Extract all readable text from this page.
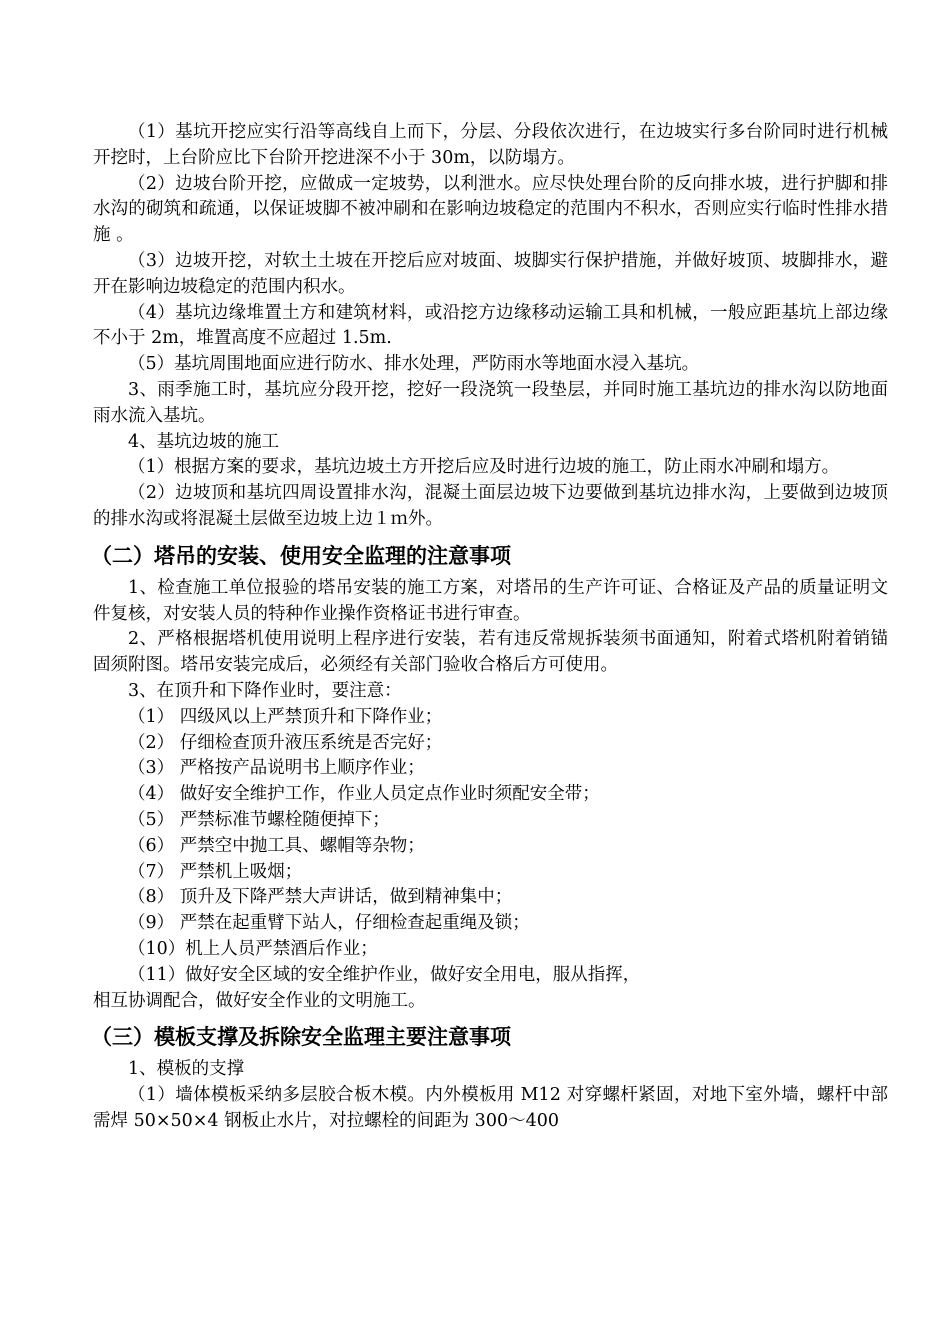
（1）基坑开挖应实行沿等高线自上而下，分层、分段依次进行，在边坡实行多台阶同时进行机械开挖时，上台阶应比下台阶开挖进深不小于 30m，以防塌方。

（2）边坡台阶开挖，应做成一定坡势，以利泄水。应尽快处理台阶的反向排水坡，进行护脚和排水沟的砌筑和疏通，以保证坡脚不被冲刷和在影响边坡稳定的范围内不积水，否则应实行临时性排水措施 。

（3）边坡开挖，对软土土坡在开挖后应对坡面、坡脚实行保护措施，并做好坡顶、坡脚排水，避开在影响边坡稳定的范围内积水。

（4）基坑边缘堆置土方和建筑材料，或沿挖方边缘移动运输工具和机械，一般应距基坑上部边缘不小于 2m，堆置高度不应超过 1.5m.

（5）基坑周围地面应进行防水、排水处理，严防雨水等地面水浸入基坑。

3、雨季施工时，基坑应分段开挖，挖好一段浇筑一段垫层，并同时施工基坑边的排水沟以防地面雨水流入基坑。

4、基坑边坡的施工

（1）根据方案的要求，基坑边坡土方开挖后应及时进行边坡的施工，防止雨水冲刷和塌方。

（2）边坡顶和基坑四周设置排水沟，混凝土面层边坡下边要做到基坑边排水沟，上要做到边坡顶的排水沟或将混凝土层做至边坡上边１ｍ外。

（二）塔吊的安装、使用安全监理的注意事项

1、检查施工单位报验的塔吊安装的施工方案，对塔吊的生产许可证、合格证及产品的质量证明文件复核，对安装人员的特种作业操作资格证书进行审查。

2、严格根据塔机使用说明上程序进行安装，若有违反常规拆装须书面通知，附着式塔机附着销锚固须附图。塔吊安装完成后，必须经有关部门验收合格后方可使用。

3、在顶升和下降作业时，要注意：

（1） 四级风以上严禁顶升和下降作业；

（2） 仔细检查顶升液压系统是否完好；

（3） 严格按产品说明书上顺序作业；

（4） 做好安全维护工作，作业人员定点作业时须配安全带；

（5） 严禁标准节螺栓随便掉下；

（6） 严禁空中抛工具、螺帽等杂物；

（7） 严禁机上吸烟；

（8） 顶升及下降严禁大声讲话，做到精神集中；

（9） 严禁在起重臂下站人，仔细检查起重绳及锁；

（10）机上人员严禁酒后作业；

（11）做好安全区域的安全维护作业，做好安全用电，服从指挥，

相互协调配合，做好安全作业的文明施工。

（三）模板支撑及拆除安全监理主要注意事项

1、模板的支撑

（1）墙体模板采纳多层胶合板木模。内外模板用 M12 对穿螺杆紧固，对地下室外墙，螺杆中部需焊 50×50×4 钢板止水片，对拉螺栓的间距为 300～400
